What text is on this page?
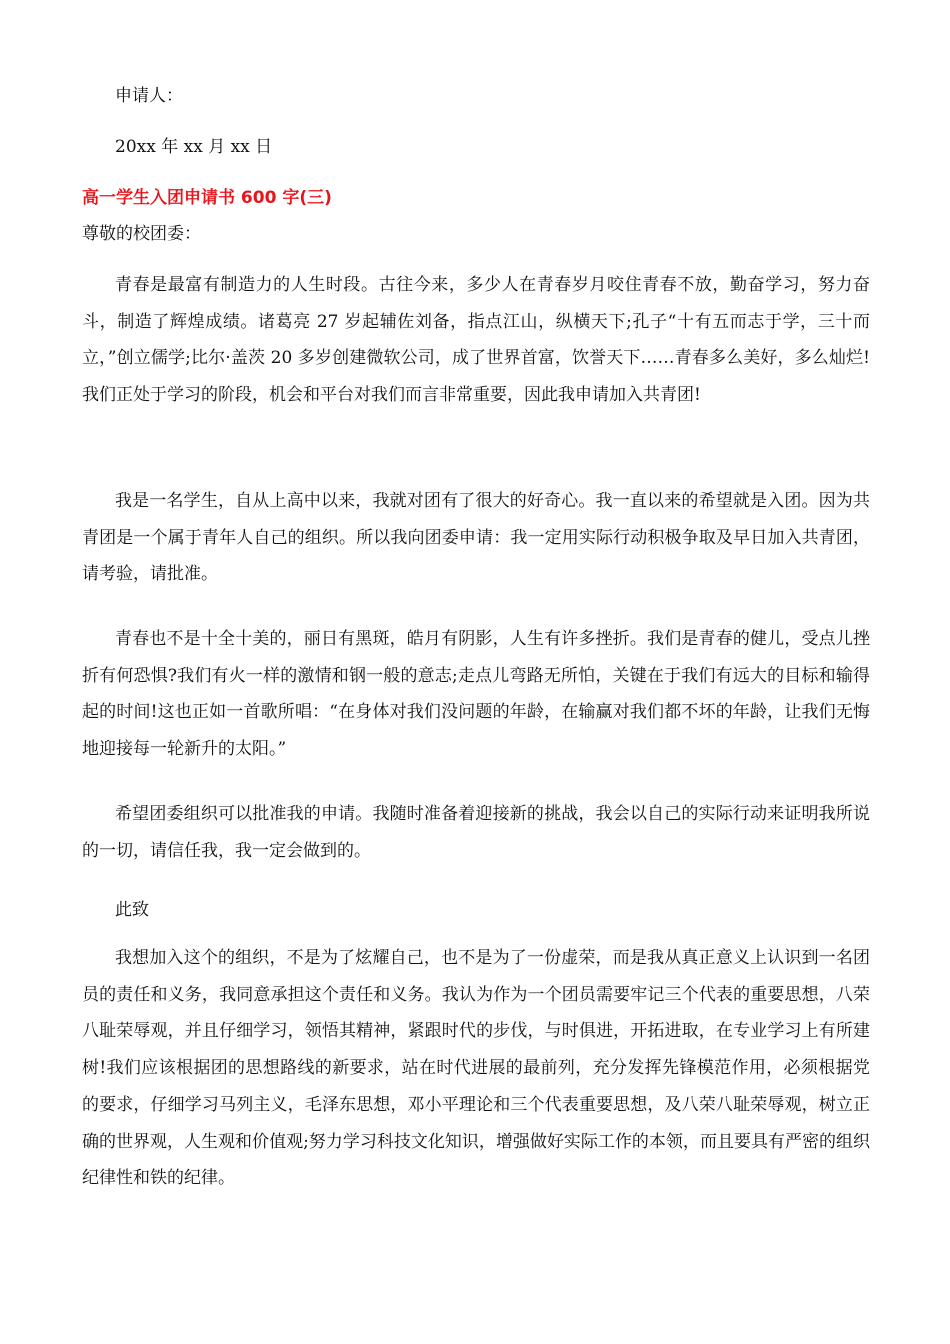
申请人：

20xx 年 xx 月 xx 日

高一学生入团申请书 600 字(三)

尊敬的校团委：

青春是最富有制造力的人生时段。古往今来，多少人在青春岁月咬住青春不放，勤奋学习，努力奋斗，制造了辉煌成绩。诸葛亮 27 岁起辅佐刘备，指点江山，纵横天下;孔子“十有五而志于学，三十而立，”创立儒学;比尔·盖茨 20 多岁创建微软公司，成了世界首富，饮誉天下……青春多么美好，多么灿烂!我们正处于学习的阶段，机会和平台对我们而言非常重要，因此我申请加入共青团!

我是一名学生，自从上高中以来，我就对团有了很大的好奇心。我一直以来的希望就是入团。因为共青团是一个属于青年人自己的组织。所以我向团委申请：我一定用实际行动积极争取及早日加入共青团，请考验，请批准。

青春也不是十全十美的，丽日有黑斑，皓月有阴影，人生有许多挫折。我们是青春的健儿，受点儿挫折有何恐惧?我们有火一样的激情和钢一般的意志;走点儿弯路无所怕，关键在于我们有远大的目标和输得起的时间!这也正如一首歌所唱：“在身体对我们没问题的年龄，在输赢对我们都不坏的年龄，让我们无悔地迎接每一轮新升的太阳。”

希望团委组织可以批准我的申请。我随时准备着迎接新的挑战，我会以自己的实际行动来证明我所说的一切，请信任我，我一定会做到的。

此致

我想加入这个的组织，不是为了炫耀自己，也不是为了一份虚荣，而是我从真正意义上认识到一名团员的责任和义务，我同意承担这个责任和义务。我认为作为一个团员需要牢记三个代表的重要思想，八荣八耻荣辱观，并且仔细学习，领悟其精神，紧跟时代的步伐，与时俱进，开拓进取，在专业学习上有所建树!我们应该根据团的思想路线的新要求，站在时代进展的最前列，充分发挥先锋模范作用，必须根据党的要求，仔细学习马列主义，毛泽东思想，邓小平理论和三个代表重要思想，及八荣八耻荣辱观，树立正确的世界观，人生观和价值观;努力学习科技文化知识，增强做好实际工作的本领，而且要具有严密的组织纪律性和铁的纪律。
